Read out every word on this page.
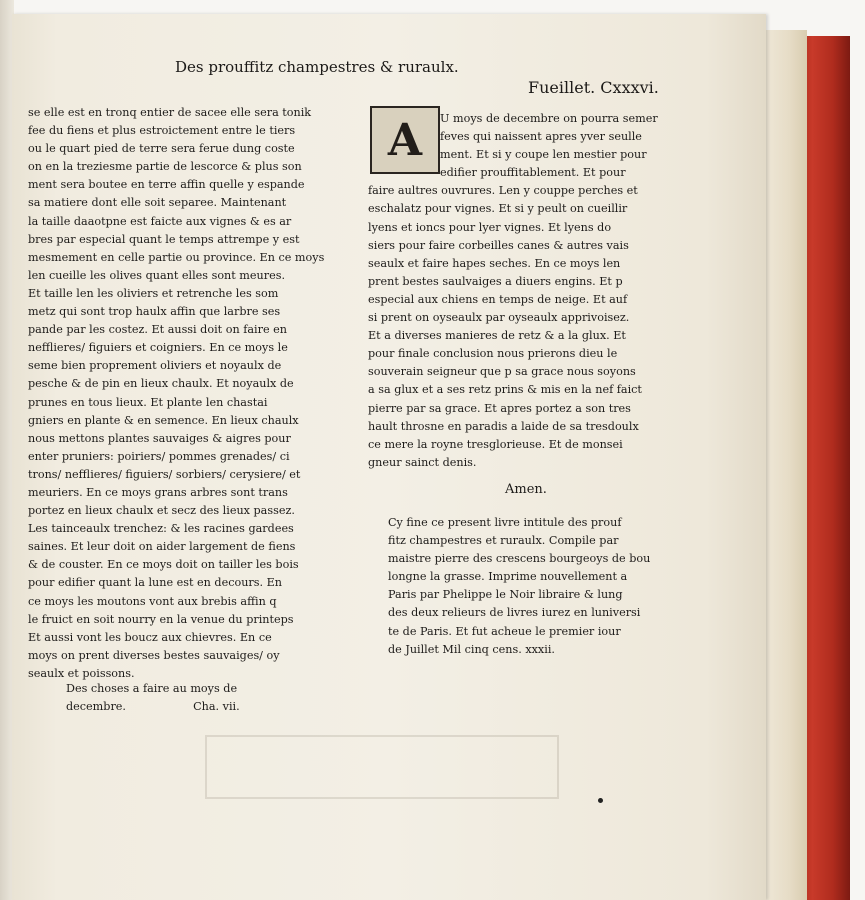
Des prouffitz champestres & ruraulx.
Fueillet. Cxxxvi.

se elle est en tronq entier de sacee elle sera tonik

fee du fiens et plus estroictement entre le tiers

ou le quart pied de terre sera ferue dung coste

on en la treziesme partie de lescorce & plus son

ment sera boutee en terre affin quelle y espande

sa matiere dont elle soit separee. Maintenant

la taille daaotpne est faicte aux vignes & es ar

bres par especial quant le temps attrempe y est

mesmement en celle partie ou province. En ce moys

len cueille les olives quant elles sont meures.

Et taille len les oliviers et retrenche les som

metz qui sont trop haulx affin que larbre ses

pande par les costez. Et aussi doit on faire en

nefflieres/ figuiers et coigniers. En ce moys le

seme bien proprement oliviers et noyaulx de

pesche & de pin en lieux chaulx. Et noyaulx de

prunes en tous lieux. Et plante len chastai

gniers en plante & en semence. En lieux chaulx

nous mettons plantes sauvaiges & aigres pour

enter pruniers: poiriers/ pommes grenades/ ci

trons/ nefflieres/ figuiers/ sorbiers/ cerysiere/ et

meuriers. En ce moys grans arbres sont trans

portez en lieux chaulx et secz des lieux passez.

Les tainceaulx trenchez: & les racines gardees

saines. Et leur doit on aider largement de fiens

& de couster. En ce moys doit on tailler les bois

pour edifier quant la lune est en decours. En

ce moys les moutons vont aux brebis affin q

le fruict en soit nourry en la venue du printeps

Et aussi vont les boucz aux chievres. En ce

moys on prent diverses bestes sauvaiges/ oy

seaulx et poissons.

Des choses a faire au moys de

decembre.	Cha. vii.

A	U moys de decembre on pourra semer

feves qui naissent apres yver seulle

ment. Et si y coupe len mestier pour

edifier prouffitablement. Et pour

faire aultres ouvrures. Len y couppe perches et

eschalatz pour vignes. Et si y peult on cueillir

lyens et ioncs pour lyer vignes. Et lyens do

siers pour faire corbeilles canes & autres vais

seaulx et faire hapes seches. En ce moys len

prent bestes saulvaiges a diuers engins. Et p

especial aux chiens en temps de neige. Et auf

si prent on oyseaulx par oyseaulx apprivoisez.

Et a diverses manieres de retz & a la glux. Et

pour finale conclusion nous prierons dieu le

souverain seigneur que p sa grace nous soyons

a sa glux et a ses retz prins & mis en la nef faict

pierre par sa grace. Et apres portez a son tres

hault throsne en paradis a laide de sa tresdoulx

ce mere la royne tresglorieuse. Et de monsei

gneur sainct denis.

Amen.

Cy fine ce present livre intitule des prouf

fitz champestres et ruraulx. Compile par

maistre pierre des crescens bourgeoys de bou

longne la grasse. Imprime nouvellement a

Paris par Phelippe le Noir libraire & lung

des deux relieurs de livres iurez en luniversi

te de Paris. Et fut acheue le premier iour

de Juillet Mil cinq cens. xxxii.
